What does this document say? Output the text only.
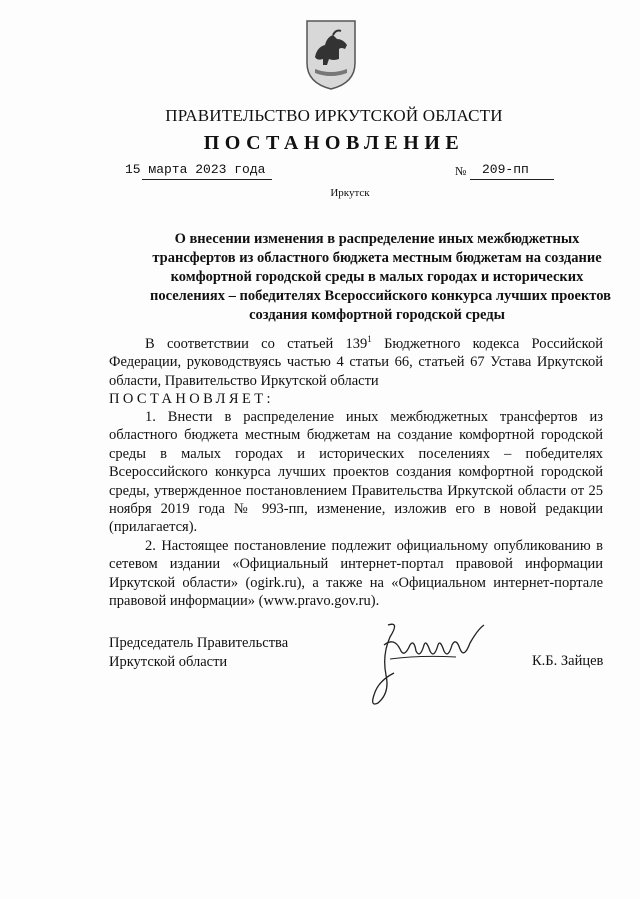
ПРАВИТЕЛЬСТВО ИРКУТСКОЙ ОБЛАСТИ
ПОСТАНОВЛЕНИЕ
15 марта 2023 года	№ 209-пп
Иркутск
О внесении изменения в распределение иных межбюджетных
трансфертов из областного бюджета местным бюджетам на создание
комфортной городской среды в малых городах и исторических
поселениях – победителях Всероссийского конкурса лучших проектов
создания комфортной городской среды
В соответствии со статьей $139^1$ Бюджетного кодекса Российской Федерации, руководствуясь частью 4 статьи 66, статьей 67 Устава Иркутской области, Правительство Иркутской области
ПОСТАНОВЛЯЕТ:
1. Внести в распределение иных межбюджетных трансфертов из областного бюджета местным бюджетам на создание комфортной городской среды в малых городах и исторических поселениях – победителях Всероссийского конкурса лучших проектов создания комфортной городской среды, утвержденное постановлением Правительства Иркутской области от 25 ноября 2019 года № 993-пп, изменение, изложив его в новой редакции (прилагается).
2. Настоящее постановление подлежит официальному опубликованию в сетевом издании «Официальный интернет-портал правовой информации Иркутской области» (ogirk.ru), а также на «Официальном интернет-портале правовой информации» (www.pravo.gov.ru).
Председатель Правительства
Иркутской области	К.Б. Зайцев
